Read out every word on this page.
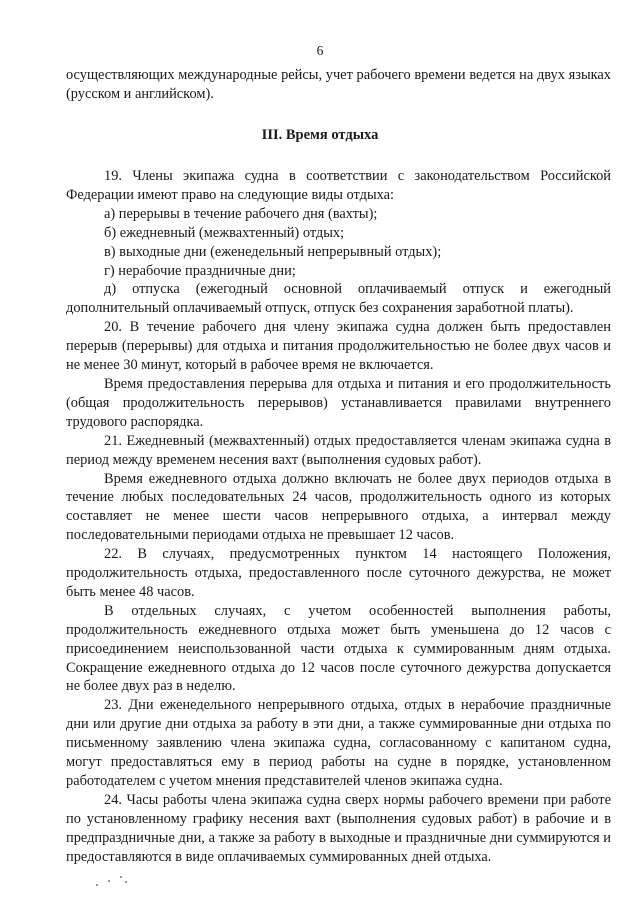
6

осуществляющих международные рейсы, учет рабочего времени ведется на двух языках (русском и английском).

III. Время отдыха

19. Члены экипажа судна в соответствии с законодательством Российской Федерации имеют право на следующие виды отдыха:

а) перерывы в течение рабочего дня (вахты);

б) ежедневный (межвахтенный) отдых;

в) выходные дни (еженедельный непрерывный отдых);

г) нерабочие праздничные дни;

д) отпуска (ежегодный основной оплачиваемый отпуск и ежегодный дополнительный оплачиваемый отпуск, отпуск без сохранения заработной платы).

20. В течение рабочего дня члену экипажа судна должен быть предоставлен перерыв (перерывы) для отдыха и питания продолжительностью не более двух часов и не менее 30 минут, который в рабочее время не включается.

Время предоставления перерыва для отдыха и питания и его продолжительность (общая продолжительность перерывов) устанавливается правилами внутреннего трудового распорядка.

21. Ежедневный (межвахтенный) отдых предоставляется членам экипажа судна в период между временем несения вахт (выполнения судовых работ).

Время ежедневного отдыха должно включать не более двух периодов отдыха в течение любых последовательных 24 часов, продолжительность одного из которых составляет не менее шести часов непрерывного отдыха, а интервал между последовательными периодами отдыха не превышает 12 часов.

22. В случаях, предусмотренных пунктом 14 настоящего Положения, продолжительность отдыха, предоставленного после суточного дежурства, не может быть менее 48 часов.

В отдельных случаях, с учетом особенностей выполнения работы, продолжительность ежедневного отдыха может быть уменьшена до 12 часов с присоединением неиспользованной части отдыха к суммированным дням отдыха. Сокращение ежедневного отдыха до 12 часов после суточного дежурства допускается не более двух раз в неделю.

23. Дни еженедельного непрерывного отдыха, отдых в нерабочие праздничные дни или другие дни отдыха за работу в эти дни, а также суммированные дни отдыха по письменному заявлению члена экипажа судна, согласованному с капитаном судна, могут предоставляться ему в период работы на судне в порядке, установленном работодателем с учетом мнения представителей членов экипажа судна.

24. Часы работы члена экипажа судна сверх нормы рабочего времени при работе по установленному графику несения вахт (выполнения судовых работ) в рабочие и в предпраздничные дни, а также за работу в выходные и праздничные дни суммируются и предоставляются в виде оплачиваемых суммированных дней отдыха.
